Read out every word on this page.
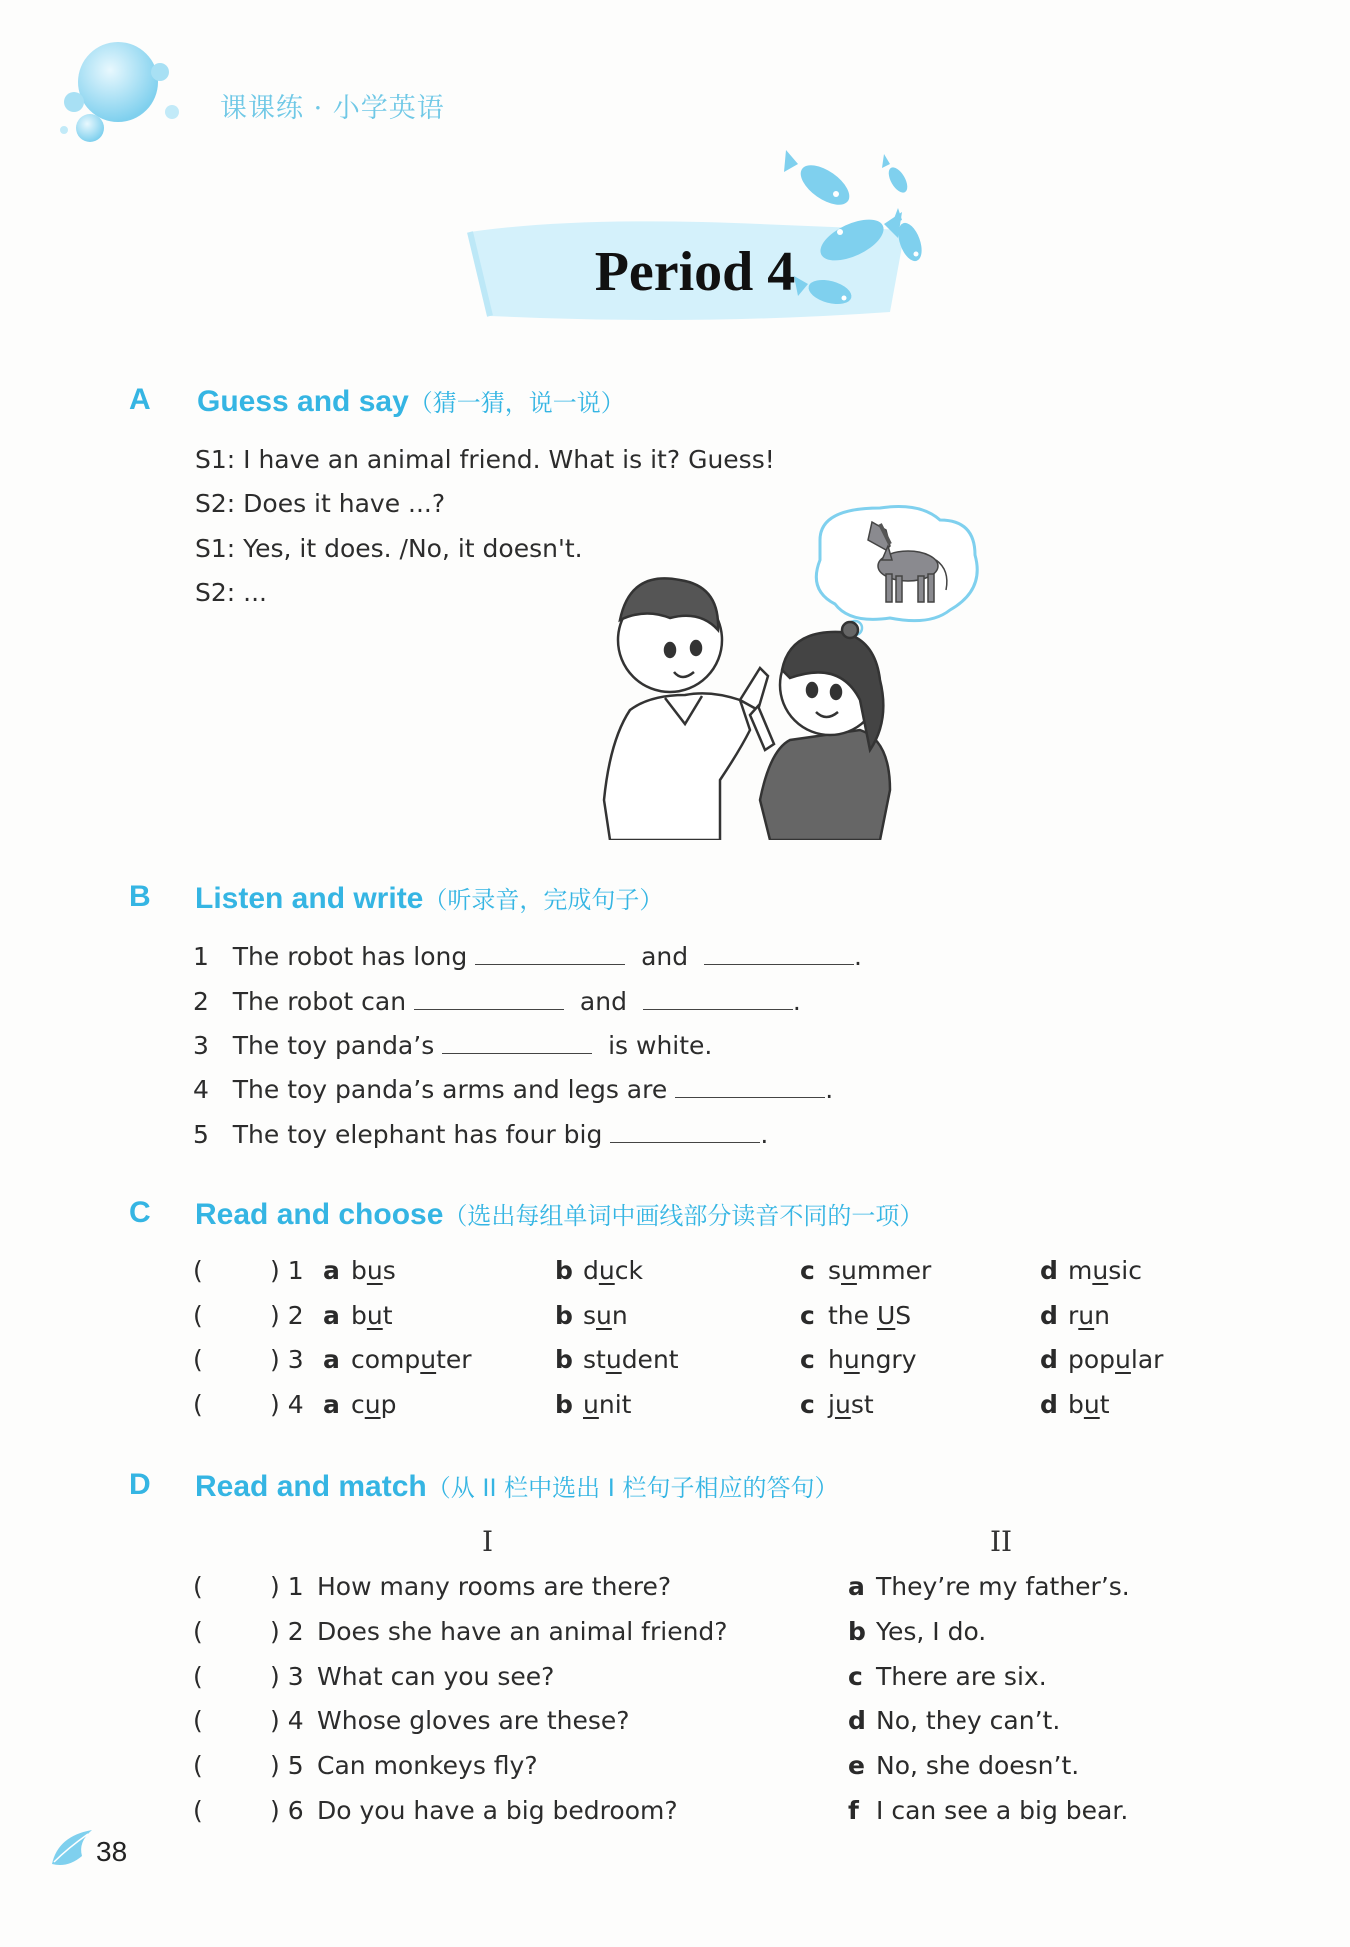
课课练 · 小学英语
Period 4
A Guess and say（猜一猜，说一说）
S1: I have an animal friend. What is it? Guess!
S2: Does it have ...?
S1: Yes, it does. /No, it doesn't.
S2: ...
B Listen and write（听录音，完成句子）
1 The robot has long	and	.
2 The robot can	and	.
3 The toy panda’s	is white.
4 The toy panda’s arms and legs are	.
5 The toy elephant has four big	.
C Read and choose（选出每组单词中画线部分读音不同的一项）
(	) 1 a bus	b duck	c summer	d music
(	) 2 a but	b sun	c the US	d run
(	) 3 a computer	b student	c hungry	d popular
(	) 4 a cup	b unit	c just	d but
D Read and match（从 II 栏中选出 I 栏句子相应的答句）
I	II
(	) 1 How many rooms are there?	a They’re my father’s.
(	) 2 Does she have an animal friend?	b Yes, I do.
(	) 3 What can you see?	c There are six.
(	) 4 Whose gloves are these?	d No, they can’t.
(	) 5 Can monkeys fly?	e No, she doesn’t.
(	) 6 Do you have a big bedroom?	f I can see a big bear.
38
